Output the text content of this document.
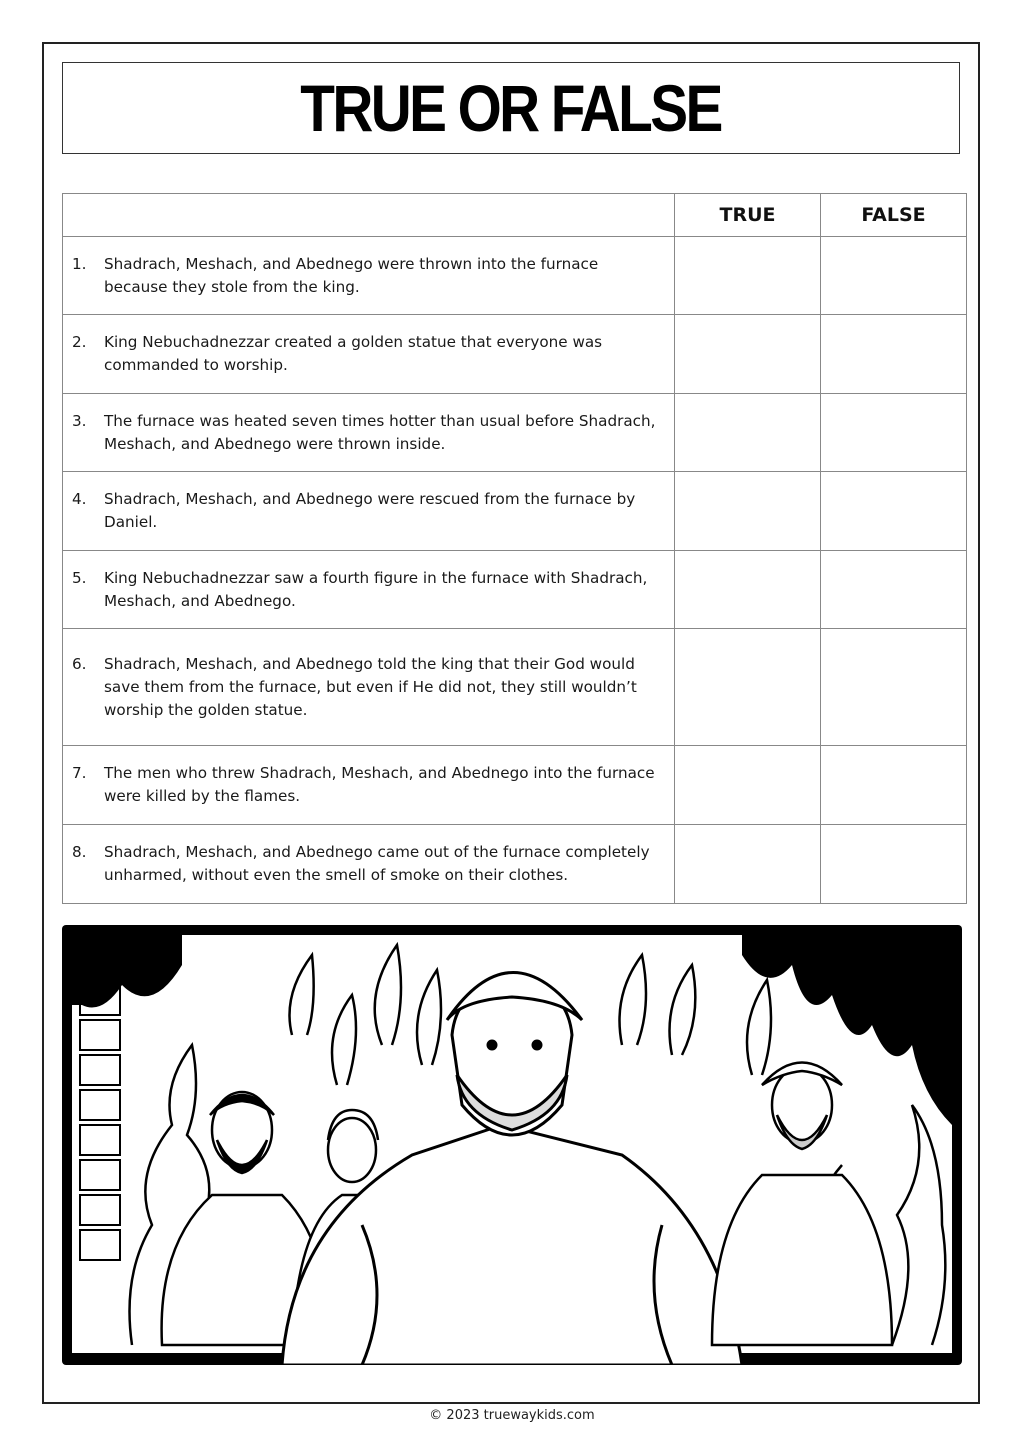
TRUE OR FALSE
	TRUE	FALSE

1. Shadrach, Meshach, and Abednego were thrown into the furnace because they stole from the king.		

2. King Nebuchadnezzar created a golden statue that everyone was commanded to worship.		

3. The furnace was heated seven times hotter than usual before Shadrach, Meshach, and Abednego were thrown inside.		

4. Shadrach, Meshach, and Abednego were rescued from the furnace by Daniel.		

5. King Nebuchadnezzar saw a fourth figure in the furnace with Shadrach, Meshach, and Abednego.		

6. Shadrach, Meshach, and Abednego told the king that their God would save them from the furnace, but even if He did not, they still wouldn’t worship the golden statue.		

7. The men who threw Shadrach, Meshach, and Abednego into the furnace were killed by the flames.		

8. Shadrach, Meshach, and Abednego came out of the furnace completely unharmed, without even the smell of smoke on their clothes.		

© 2023 truewaykids.com
